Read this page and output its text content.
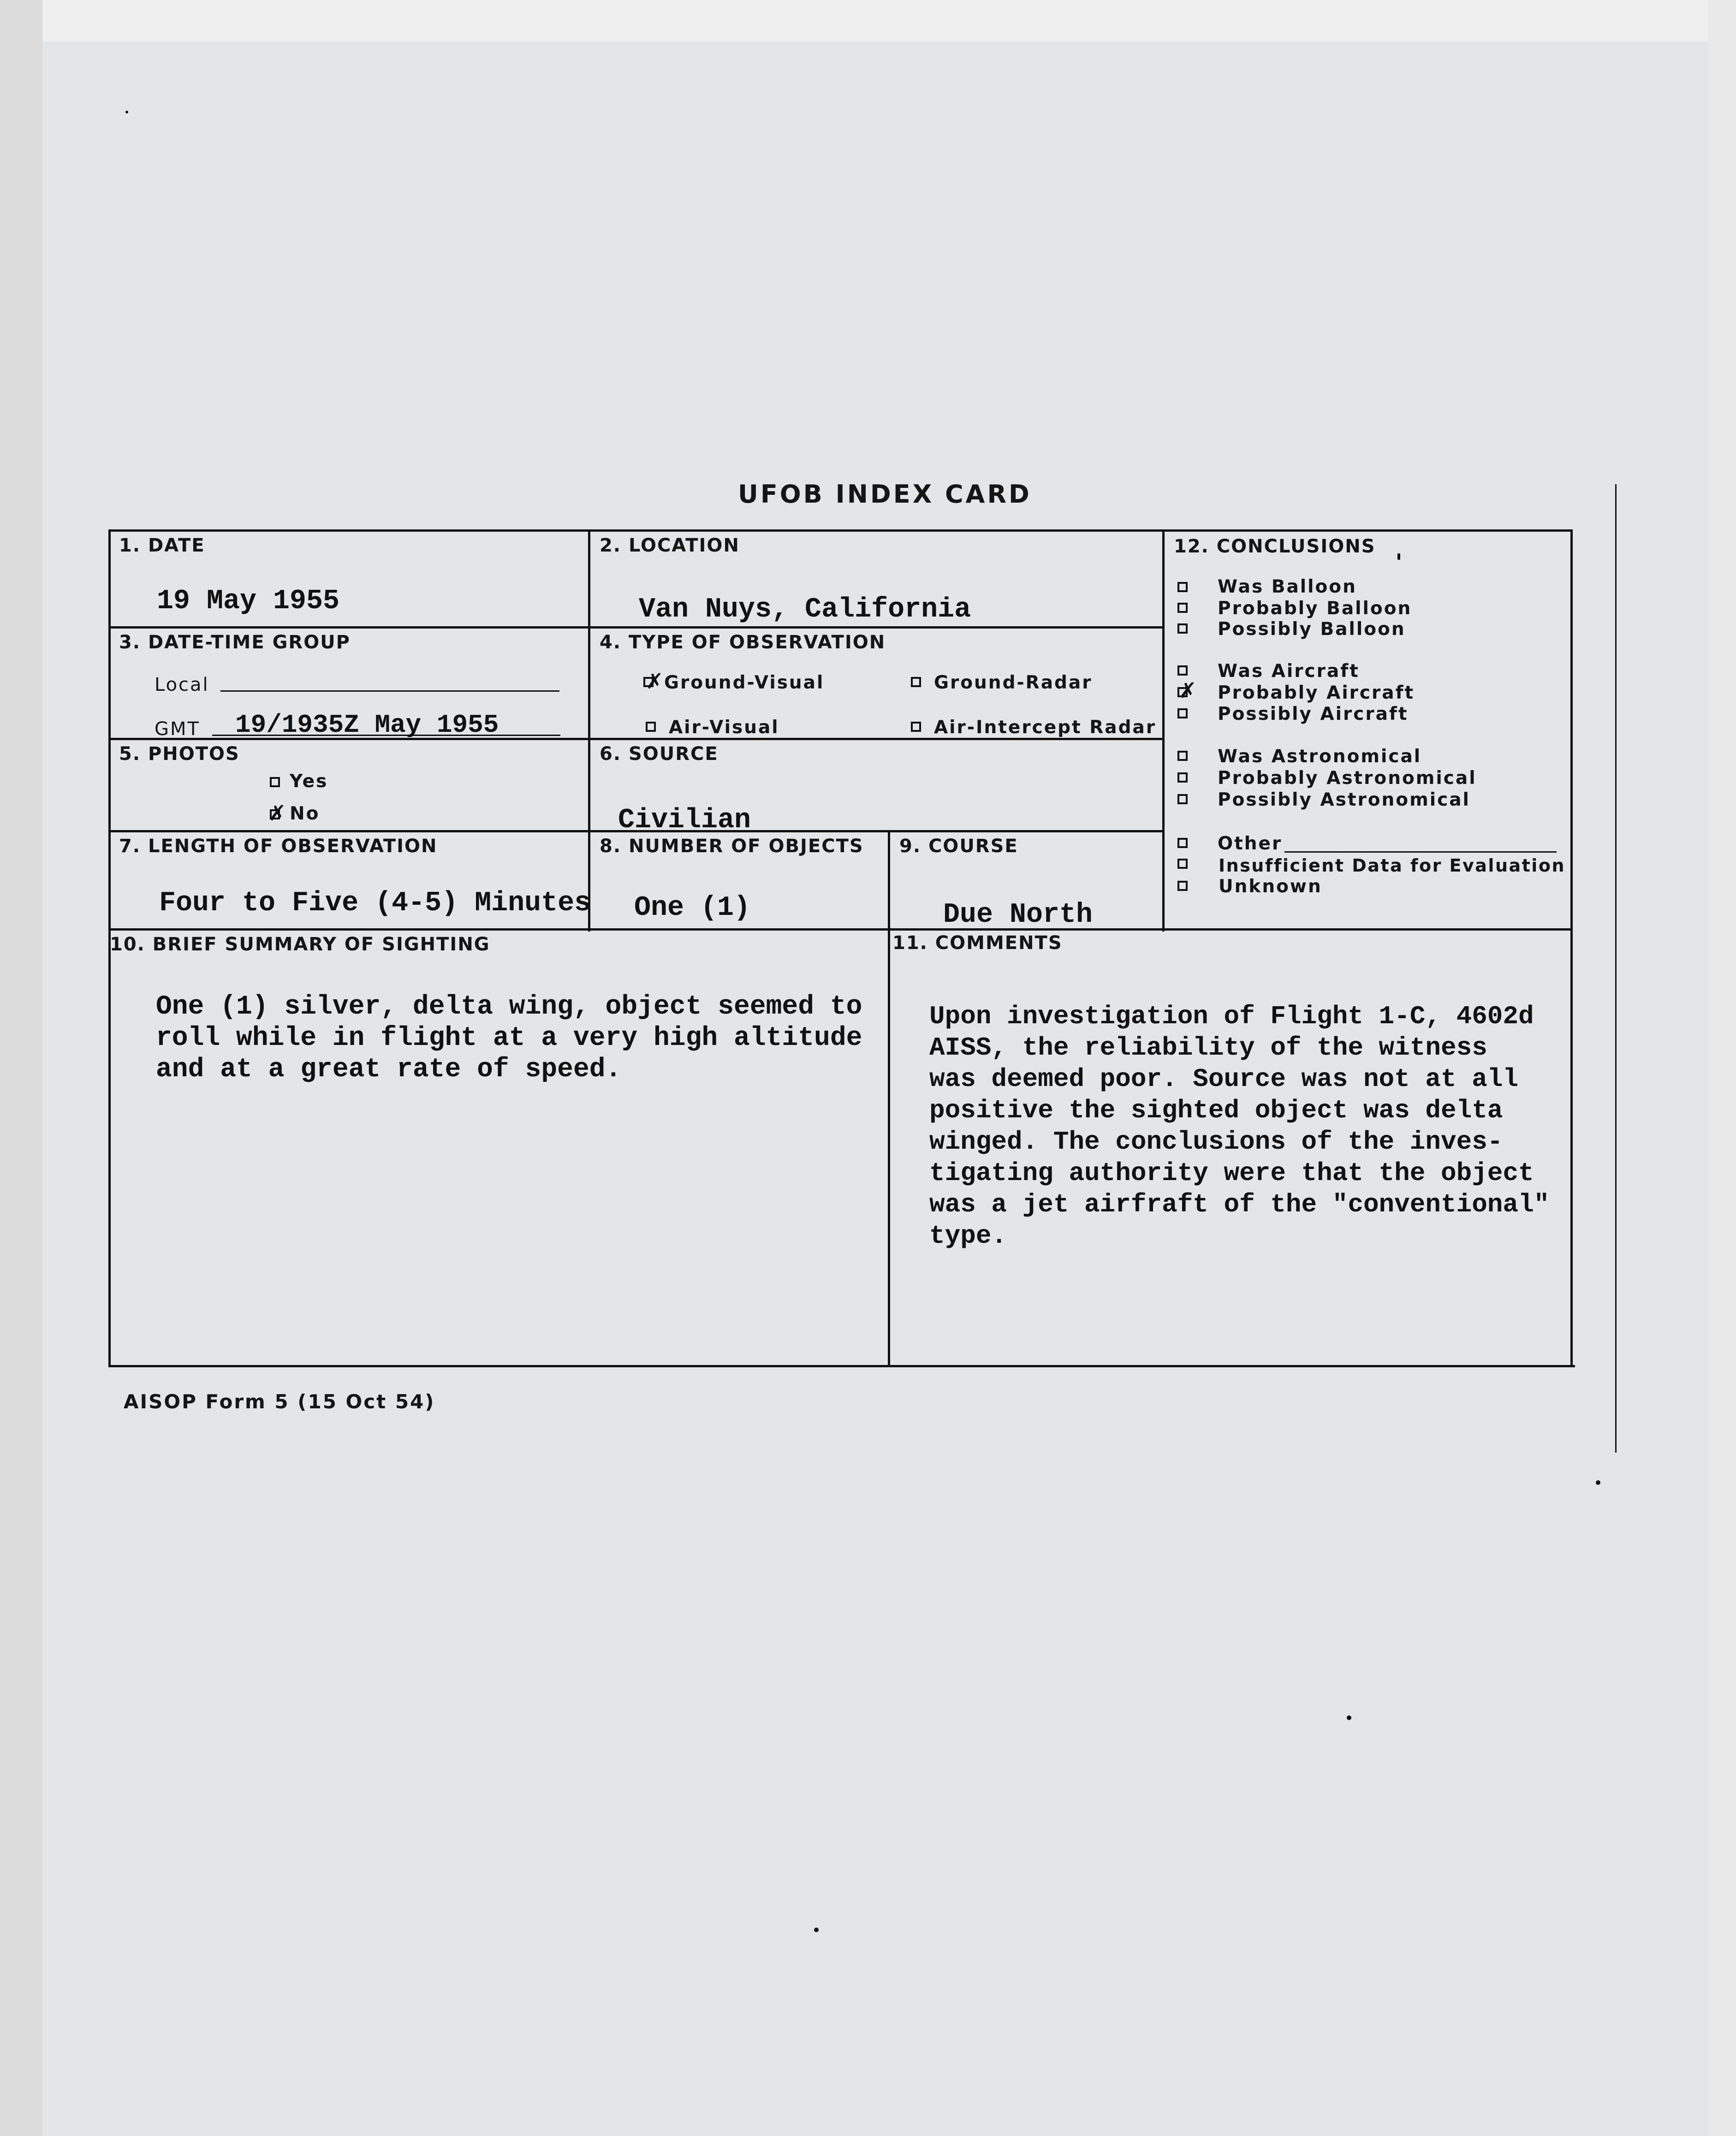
UFOB INDEX CARD
1. DATE
19 May 1955
2. LOCATION
Van Nuys, California
3. DATE-TIME GROUP
Local
GMT 19/1935Z May 1955
4. TYPE OF OBSERVATION
✗ Ground-Visual	Ground-Radar
Air-Visual	Air-Intercept Radar
5. PHOTOS
Yes
✗ No
6. SOURCE
Civilian
7. LENGTH OF OBSERVATION
Four to Five (4-5) Minutes
8. NUMBER OF OBJECTS
One (1)
9. COURSE
Due North
12. CONCLUSIONS
Was Balloon
Probably Balloon
Possibly Balloon
Was Aircraft
✗ Probably Aircraft
Possibly Aircraft
Was Astronomical
Probably Astronomical
Possibly Astronomical
Other
Insufficient Data for Evaluation
Unknown
10. BRIEF SUMMARY OF SIGHTING
One (1) silver, delta wing, object seemed to
roll while in flight at a very high altitude
and at a great rate of speed.
11. COMMENTS
Upon investigation of Flight 1-C, 4602d
AISS, the reliability of the witness
was deemed poor. Source was not at all
positive the sighted object was delta
winged. The conclusions of the inves-
tigating authority were that the object
was a jet airfraft of the "conventional"
type.
AISOP Form 5 (15 Oct 54)
